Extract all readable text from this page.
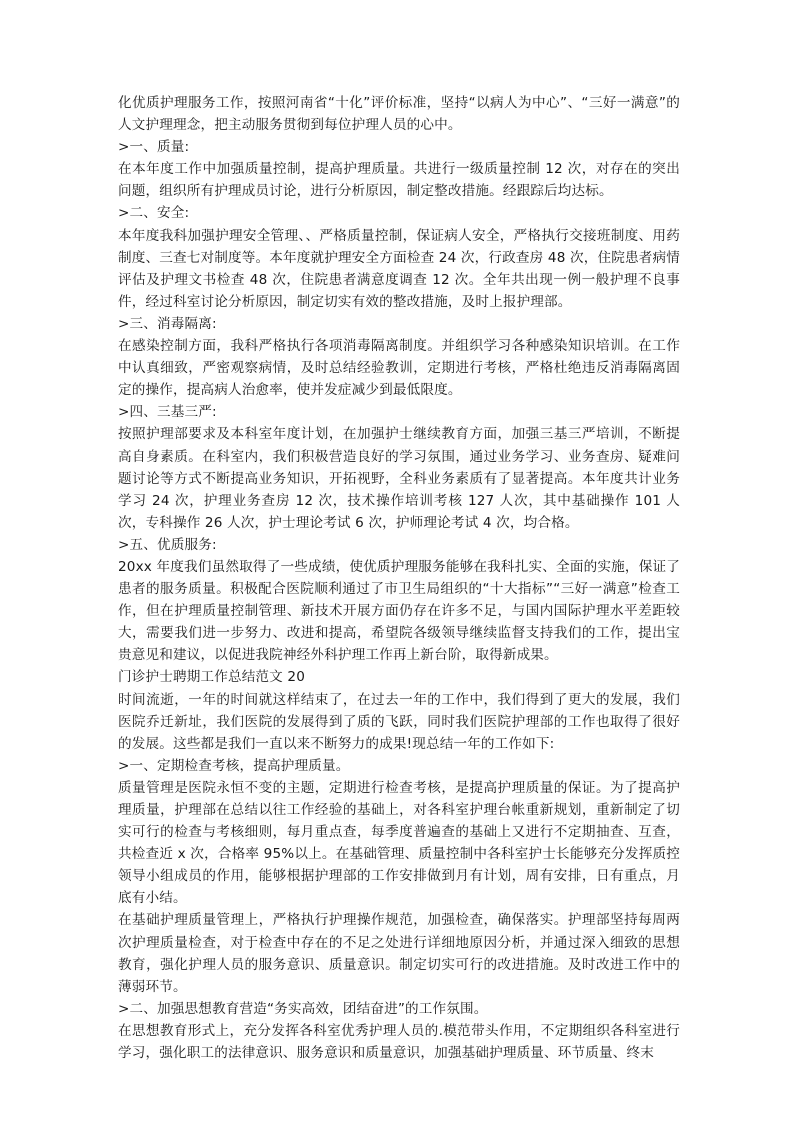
化优质护理服务工作，按照河南省“十化”评价标准，坚持“以病人为中心”、“三好一满意”的人文护理理念，把主动服务贯彻到每位护理人员的心中。

>一、质量:

在本年度工作中加强质量控制，提高护理质量。共进行一级质量控制 12 次，对存在的突出问题，组织所有护理成员讨论，进行分析原因，制定整改措施。经跟踪后均达标。

>二、安全:

本年度我科加强护理安全管理、、严格质量控制，保证病人安全，严格执行交接班制度、用药制度、三查七对制度等。本年度就护理安全方面检查 24 次，行政查房 48 次，住院患者病情评估及护理文书检查 48 次，住院患者满意度调查 12 次。全年共出现一例一般护理不良事件，经过科室讨论分析原因，制定切实有效的整改措施，及时上报护理部。

>三、消毒隔离:

在感染控制方面，我科严格执行各项消毒隔离制度。并组织学习各种感染知识培训。在工作中认真细致，严密观察病情，及时总结经验教训，定期进行考核，严格杜绝违反消毒隔离固定的操作，提高病人治愈率，使并发症减少到最低限度。

>四、三基三严:

按照护理部要求及本科室年度计划，在加强护士继续教育方面，加强三基三严培训，不断提高自身素质。在科室内，我们积极营造良好的学习氛围，通过业务学习、业务查房、疑难问题讨论等方式不断提高业务知识，开拓视野，全科业务素质有了显著提高。本年度共计业务学习 24 次，护理业务查房 12 次，技术操作培训考核 127 人次，其中基础操作 101 人次，专科操作 26 人次，护士理论考试 6 次，护师理论考试 4 次，均合格。

>五、优质服务:

20xx 年度我们虽然取得了一些成绩，使优质护理服务能够在我科扎实、全面的实施，保证了患者的服务质量。积极配合医院顺利通过了市卫生局组织的“十大指标”“三好一满意”检查工作，但在护理质量控制管理、新技术开展方面仍存在许多不足，与国内国际护理水平差距较大，需要我们进一步努力、改进和提高，希望院各级领导继续监督支持我们的工作，提出宝贵意见和建议，以促进我院神经外科护理工作再上新台阶，取得新成果。

门诊护士聘期工作总结范文 20

时间流逝，一年的时间就这样结束了，在过去一年的工作中，我们得到了更大的发展，我们医院乔迁新址，我们医院的发展得到了质的飞跃，同时我们医院护理部的工作也取得了很好的发展。这些都是我们一直以来不断努力的成果!现总结一年的工作如下:

>一、定期检查考核，提高护理质量。

质量管理是医院永恒不变的主题，定期进行检查考核，是提高护理质量的保证。为了提高护理质量，护理部在总结以往工作经验的基础上，对各科室护理台帐重新规划，重新制定了切实可行的检查与考核细则，每月重点查，每季度普遍查的基础上又进行不定期抽查、互查，共检查近 x 次，合格率 95%以上。在基础管理、质量控制中各科室护士长能够充分发挥质控领导小组成员的作用，能够根据护理部的工作安排做到月有计划，周有安排，日有重点，月底有小结。

在基础护理质量管理上，严格执行护理操作规范，加强检查，确保落实。护理部坚持每周两次护理质量检查，对于检查中存在的不足之处进行详细地原因分析，并通过深入细致的思想教育，强化护理人员的服务意识、质量意识。制定切实可行的改进措施。及时改进工作中的薄弱环节。

>二、加强思想教育营造“务实高效，团结奋进”的工作氛围。

在思想教育形式上，充分发挥各科室优秀护理人员的.模范带头作用，不定期组织各科室进行学习，强化职工的法律意识、服务意识和质量意识，加强基础护理质量、环节质量、终末
